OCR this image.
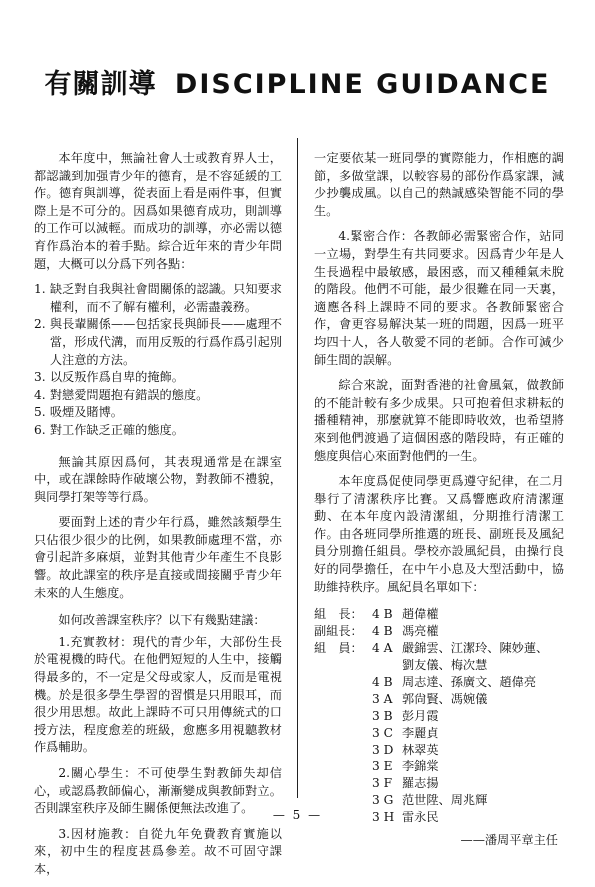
有關訓導 DISCIPLINE GUIDANCE

本年度中，無論社會人士或教育界人士，都認識到加强青少年的德育，是不容延緩的工作。德育與訓導，從表面上看是兩件事，但實際上是不可分的。因爲如果德育成功，則訓導的工作可以減輕。而成功的訓導，亦必需以德育作爲治本的着手點。綜合近年來的青少年問題，大概可以分爲下列各點：

1. 缺乏對自我與社會間關係的認識。只知要求權利，而不了解有權利，必需盡義務。
2. 與長輩關係——包括家長與師長——處理不當，形成代溝，而用反叛的行爲作爲引起別人注意的方法。
3. 以反叛作爲自卑的掩飾。
4. 對戀愛問題抱有錯誤的態度。
5. 吸煙及賭博。
6. 對工作缺乏正確的態度。

無論其原因爲何，其表現通常是在課室中，或在課餘時作破壞公物，對教師不禮貌，與同學打架等等行爲。

要面對上述的青少年行爲，雖然該類學生只佔很少很少的比例，如果教師處理不當，亦會引起許多麻煩，並對其他青少年產生不良影響。故此課室的秩序是直接或間接關乎青少年未來的人生態度。

如何改善課室秩序？以下有幾點建議：

1.充實教材：現代的青少年，大部份生長於電視機的時代。在他們短短的人生中，接觸得最多的，不一定是父母或家人，反而是電視機。於是很多學生學習的習慣是只用眼耳，而很少用思想。故此上課時不可只用傳統式的口授方法，程度愈差的班級，愈應多用視聽教材作爲輔助。

2.關心學生：不可使學生對教師失却信心，或認爲教師偏心，漸漸變成與教師對立。否則課室秩序及師生關係便無法改進了。

3.因材施教：自從九年免費教育實施以來，初中生的程度甚爲參差。故不可固守課本，

一定要依某一班同學的實際能力，作相應的調節，多做堂課，以較容易的部份作爲家課，減少抄襲成風。以自己的熱誠感染智能不同的學生。

4.緊密合作：各教師必需緊密合作，站同一立場，對學生有共同要求。因爲青少年是人生長過程中最敏感，最困惑，而又種種氣未脫的階段。他們不可能，最少很難在同一天裏，適應各科上課時不同的要求。各教師緊密合作，會更容易解決某一班的問題，因爲一班平均四十人，各人敬愛不同的老師。合作可減少師生間的誤解。

綜合來說，面對香港的社會風氣，做教師的不能計較有多少成果。只可抱着但求耕耘的播種精神，那麼就算不能即時收效，也希望將來到他們渡過了這個困惑的階段時，有正確的態度與信心來面對他們的一生。

本年度爲促使同學更爲遵守紀律，在二月舉行了清潔秩序比賽。又爲響應政府清潔運動、在本年度內設清潔組，分期推行清潔工作。由各班同學所推選的班長、副班長及風紀員分別擔任組員。學校亦設風紀員，由操行良好的同學擔任，在中午小息及大型活動中，協助維持秩序。風紀員名單如下：

組　長： 4 B 趙偉權
副組長： 4 B 馮亮權
組　員： 4 A 嚴錦雲、江潔玲、陳妙蓮、
劉友儀、梅次慧
4 B 周志達、孫廣文、趙偉亮
3 A 郭尙賢、馮婉儀
3 B 彭月霞
3 C 李麗貞
3 D 林翠英
3 E 李錦棠
3 F 羅志揚
3 G 范世陞、周兆輝
3 H 雷永民
——潘周平章主任
— 5 —
